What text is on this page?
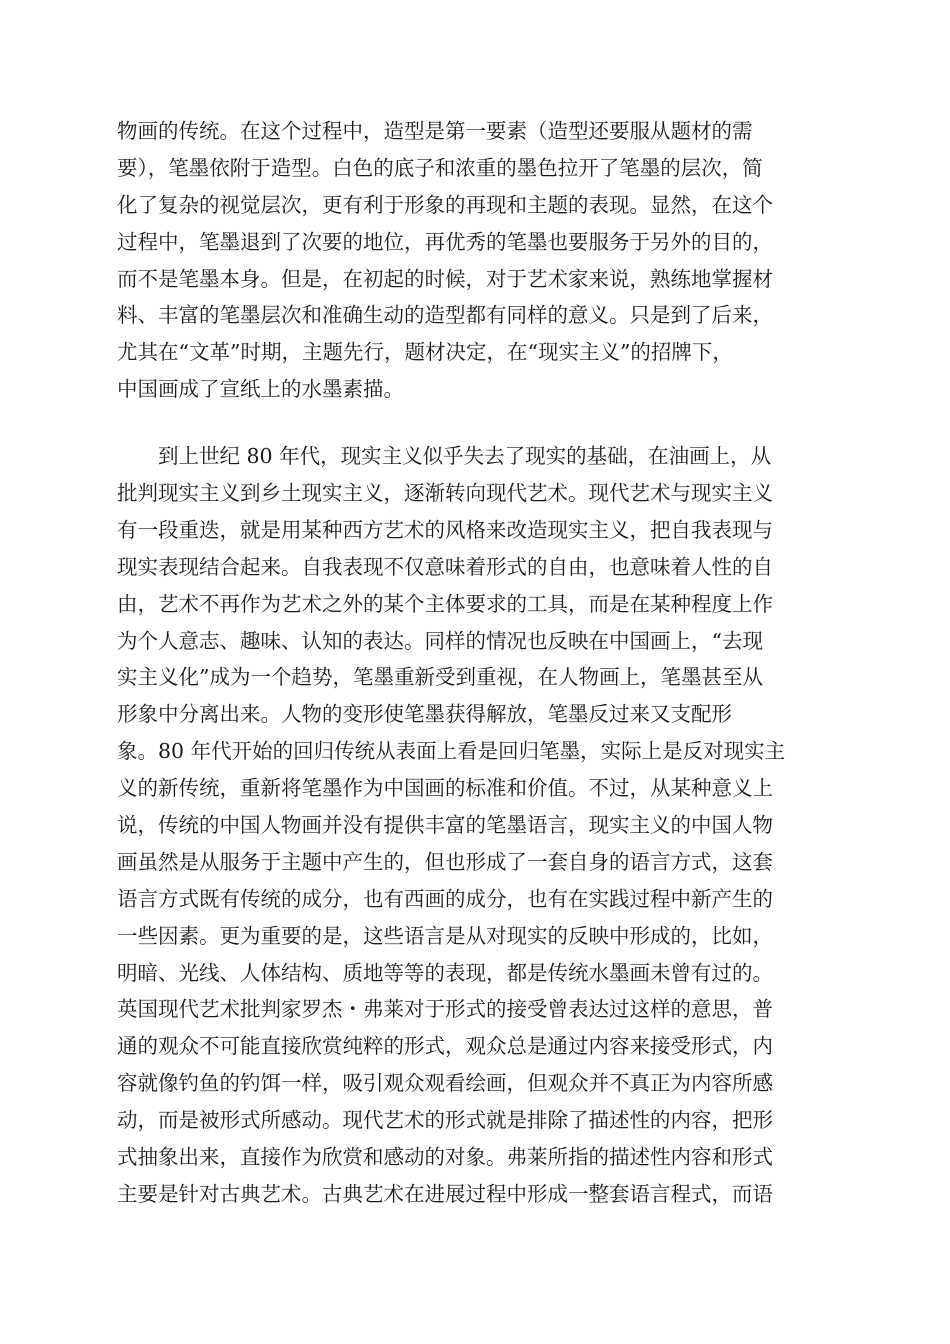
物画的传统。在这个过程中，造型是第一要素（造型还要服从题材的需
要），笔墨依附于造型。白色的底子和浓重的墨色拉开了笔墨的层次，简
化了复杂的视觉层次，更有利于形象的再现和主题的表现。显然，在这个
过程中，笔墨退到了次要的地位，再优秀的笔墨也要服务于另外的目的，
而不是笔墨本身。但是，在初起的时候，对于艺术家来说，熟练地掌握材
料、丰富的笔墨层次和准确生动的造型都有同样的意义。只是到了后来，
尤其在“文革”时期，主题先行，题材决定，在“现实主义”的招牌下，
中国画成了宣纸上的水墨素描。
到上世纪 80 年代，现实主义似乎失去了现实的基础，在油画上，从
批判现实主义到乡土现实主义，逐渐转向现代艺术。现代艺术与现实主义
有一段重迭，就是用某种西方艺术的风格来改造现实主义，把自我表现与
现实表现结合起来。自我表现不仅意味着形式的自由，也意味着人性的自
由，艺术不再作为艺术之外的某个主体要求的工具，而是在某种程度上作
为个人意志、趣味、认知的表达。同样的情况也反映在中国画上，“去现
实主义化”成为一个趋势，笔墨重新受到重视，在人物画上，笔墨甚至从
形象中分离出来。人物的变形使笔墨获得解放，笔墨反过来又支配形
象。80 年代开始的回归传统从表面上看是回归笔墨，实际上是反对现实主
义的新传统，重新将笔墨作为中国画的标准和价值。不过，从某种意义上
说，传统的中国人物画并没有提供丰富的笔墨语言，现实主义的中国人物
画虽然是从服务于主题中产生的，但也形成了一套自身的语言方式，这套
语言方式既有传统的成分，也有西画的成分，也有在实践过程中新产生的
一些因素。更为重要的是，这些语言是从对现实的反映中形成的，比如，
明暗、光线、人体结构、质地等等的表现，都是传统水墨画未曾有过的。
英国现代艺术批判家罗杰・弗莱对于形式的接受曾表达过这样的意思，普
通的观众不可能直接欣赏纯粹的形式，观众总是通过内容来接受形式，内
容就像钓鱼的钓饵一样，吸引观众观看绘画，但观众并不真正为内容所感
动，而是被形式所感动。现代艺术的形式就是排除了描述性的内容，把形
式抽象出来，直接作为欣赏和感动的对象。弗莱所指的描述性内容和形式
主要是针对古典艺术。古典艺术在进展过程中形成一整套语言程式，而语
